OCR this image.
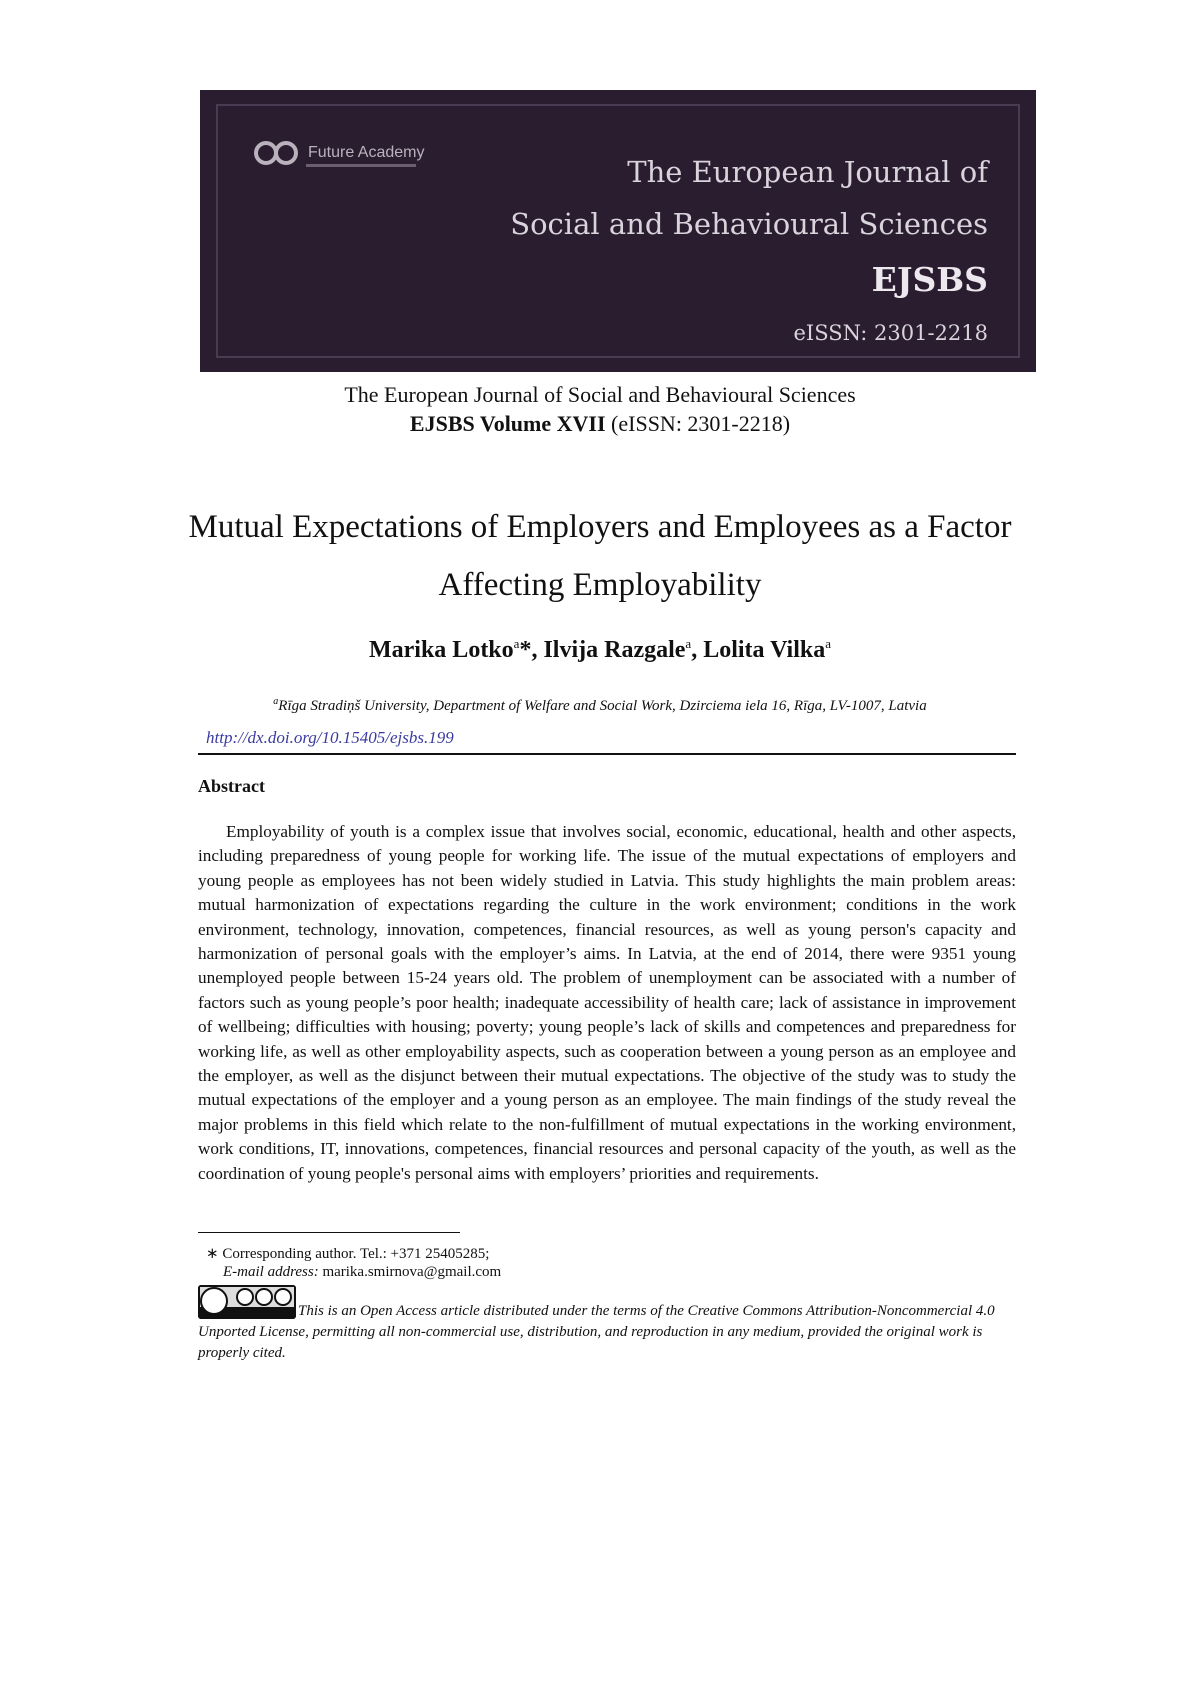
Future Academy
The European Journal of
Social and Behavioural Sciences
EJSBS
eISSN: 2301-2218
The European Journal of Social and Behavioural Sciences
EJSBS Volume XVII (eISSN: 2301-2218)
Mutual Expectations of Employers and Employees as a Factor Affecting Employability
Marika Lotko$^a$*, Ilvija Razgale$^a$, Lolita Vilka$^a$
$^a$Rīga Stradiņš University, Department of Welfare and Social Work, Dzirciema iela 16, Rīga, LV-1007, Latvia
http://dx.doi.org/10.15405/ejsbs.199
Abstract
Employability of youth is a complex issue that involves social, economic, educational, health and other aspects, including preparedness of young people for working life. The issue of the mutual expectations of employers and young people as employees has not been widely studied in Latvia. This study highlights the main problem areas: mutual harmonization of expectations regarding the culture in the work environment; conditions in the work environment, technology, innovation, competences, financial resources, as well as young person's capacity and harmonization of personal goals with the employer’s aims. In Latvia, at the end of 2014, there were 9351 young unemployed people between 15-24 years old. The problem of unemployment can be associated with a number of factors such as young people’s poor health; inadequate accessibility of health care; lack of assistance in improvement of wellbeing; difficulties with housing; poverty; young people’s lack of skills and competences and preparedness for working life, as well as other employability aspects, such as cooperation between a young person as an employee and the employer, as well as the disjunct between their mutual expectations. The objective of the study was to study the mutual expectations of the employer and a young person as an employee. The main findings of the study reveal the major problems in this field which relate to the non-fulfillment of mutual expectations in the working environment, work conditions, IT, innovations, competences, financial resources and personal capacity of the youth, as well as the coordination of young people's personal aims with employers’ priorities and requirements.
∗ Corresponding author. Tel.: +371 25405285;
E-mail address: marika.smirnova@gmail.com
This is an Open Access article distributed under the terms of the Creative Commons Attribution-Noncommercial 4.0 Unported License, permitting all non-commercial use, distribution, and reproduction in any medium, provided the original work is properly cited.
